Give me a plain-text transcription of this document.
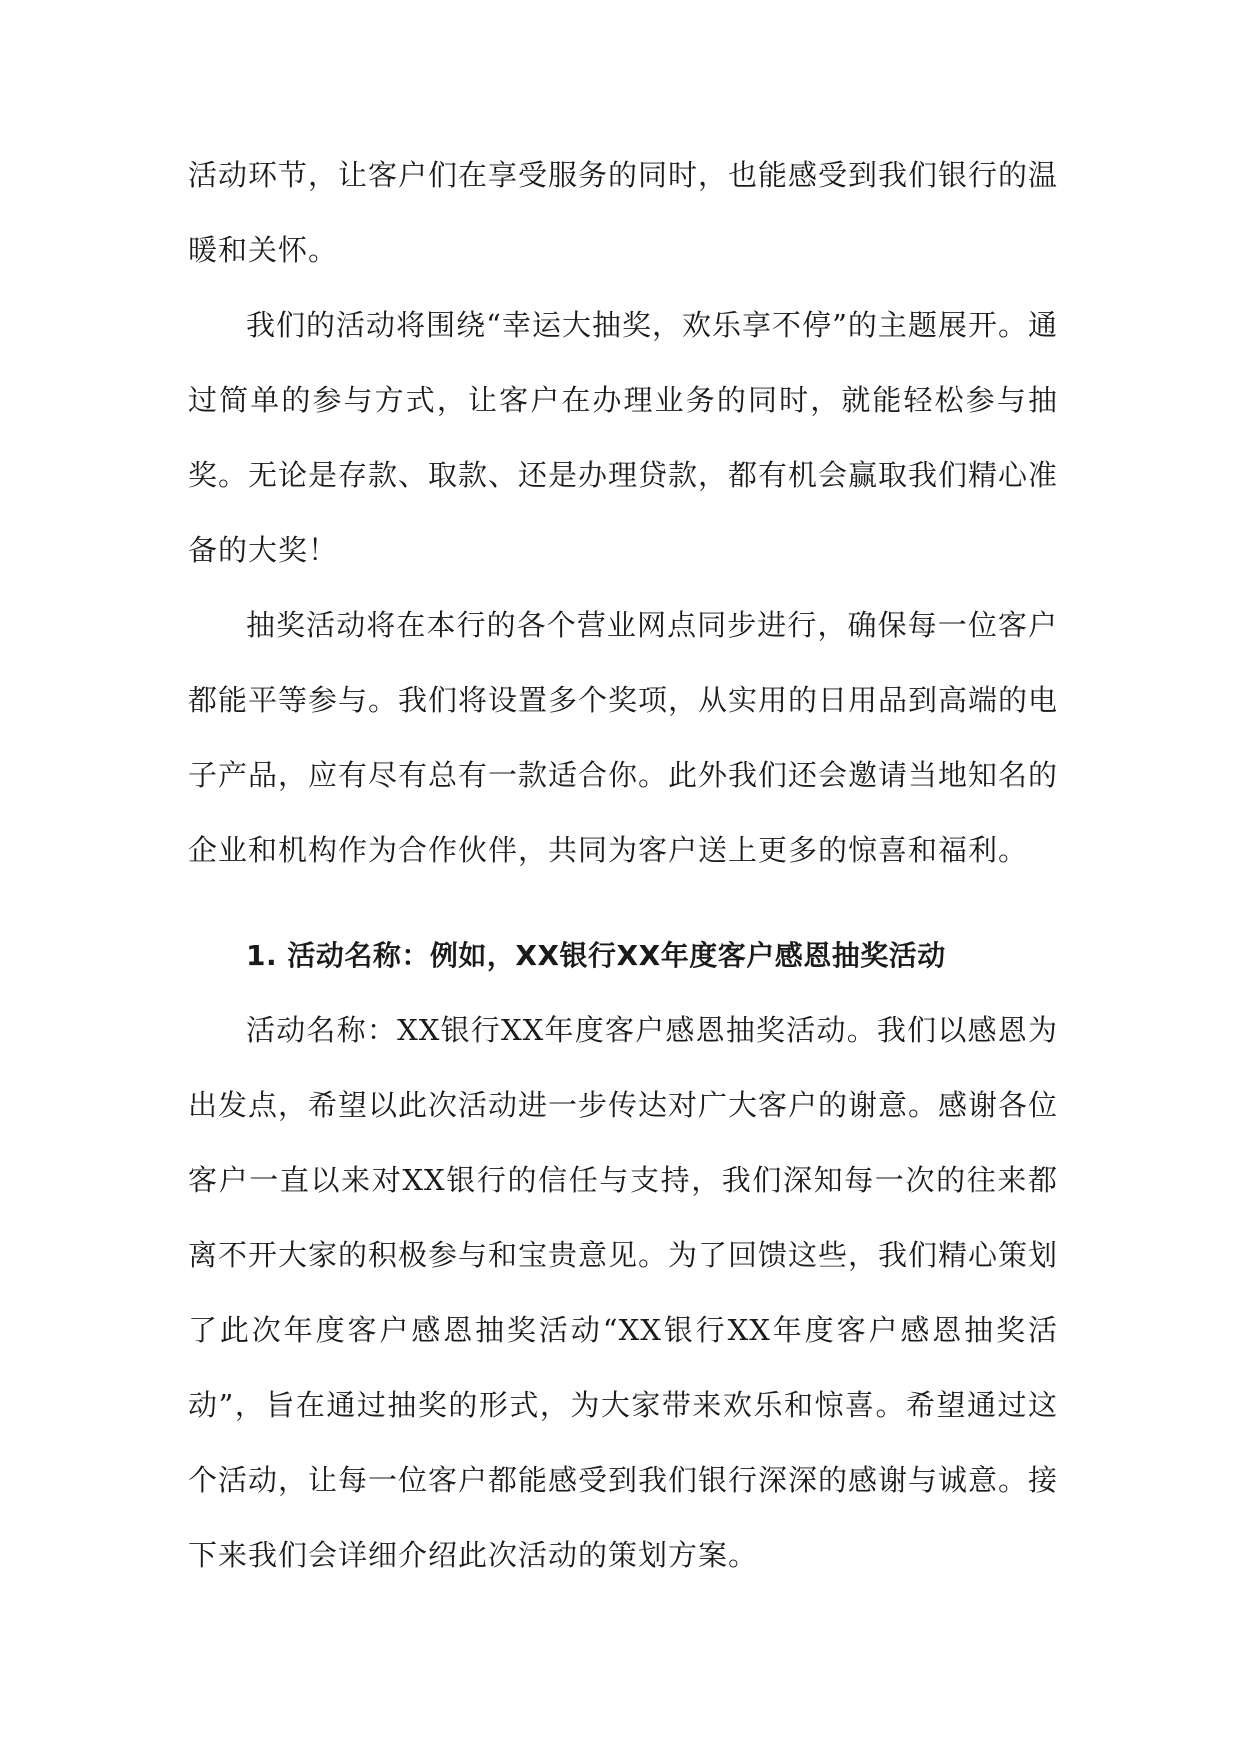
活动环节，让客户们在享受服务的同时，也能感受到我们银行的温暖和关怀。

我们的活动将围绕“幸运大抽奖，欢乐享不停”的主题展开。通过简单的参与方式，让客户在办理业务的同时，就能轻松参与抽奖。无论是存款、取款、还是办理贷款，都有机会赢取我们精心准备的大奖！

抽奖活动将在本行的各个营业网点同步进行，确保每一位客户都能平等参与。我们将设置多个奖项，从实用的日用品到高端的电子产品，应有尽有总有一款适合你。此外我们还会邀请当地知名的企业和机构作为合作伙伴，共同为客户送上更多的惊喜和福利。

1. 活动名称：例如，XX银行XX年度客户感恩抽奖活动

活动名称：XX银行XX年度客户感恩抽奖活动。我们以感恩为出发点，希望以此次活动进一步传达对广大客户的谢意。感谢各位客户一直以来对XX银行的信任与支持，我们深知每一次的往来都离不开大家的积极参与和宝贵意见。为了回馈这些，我们精心策划了此次年度客户感恩抽奖活动“XX银行XX年度客户感恩抽奖活动”，旨在通过抽奖的形式，为大家带来欢乐和惊喜。希望通过这个活动，让每一位客户都能感受到我们银行深深的感谢与诚意。接下来我们会详细介绍此次活动的策划方案。
